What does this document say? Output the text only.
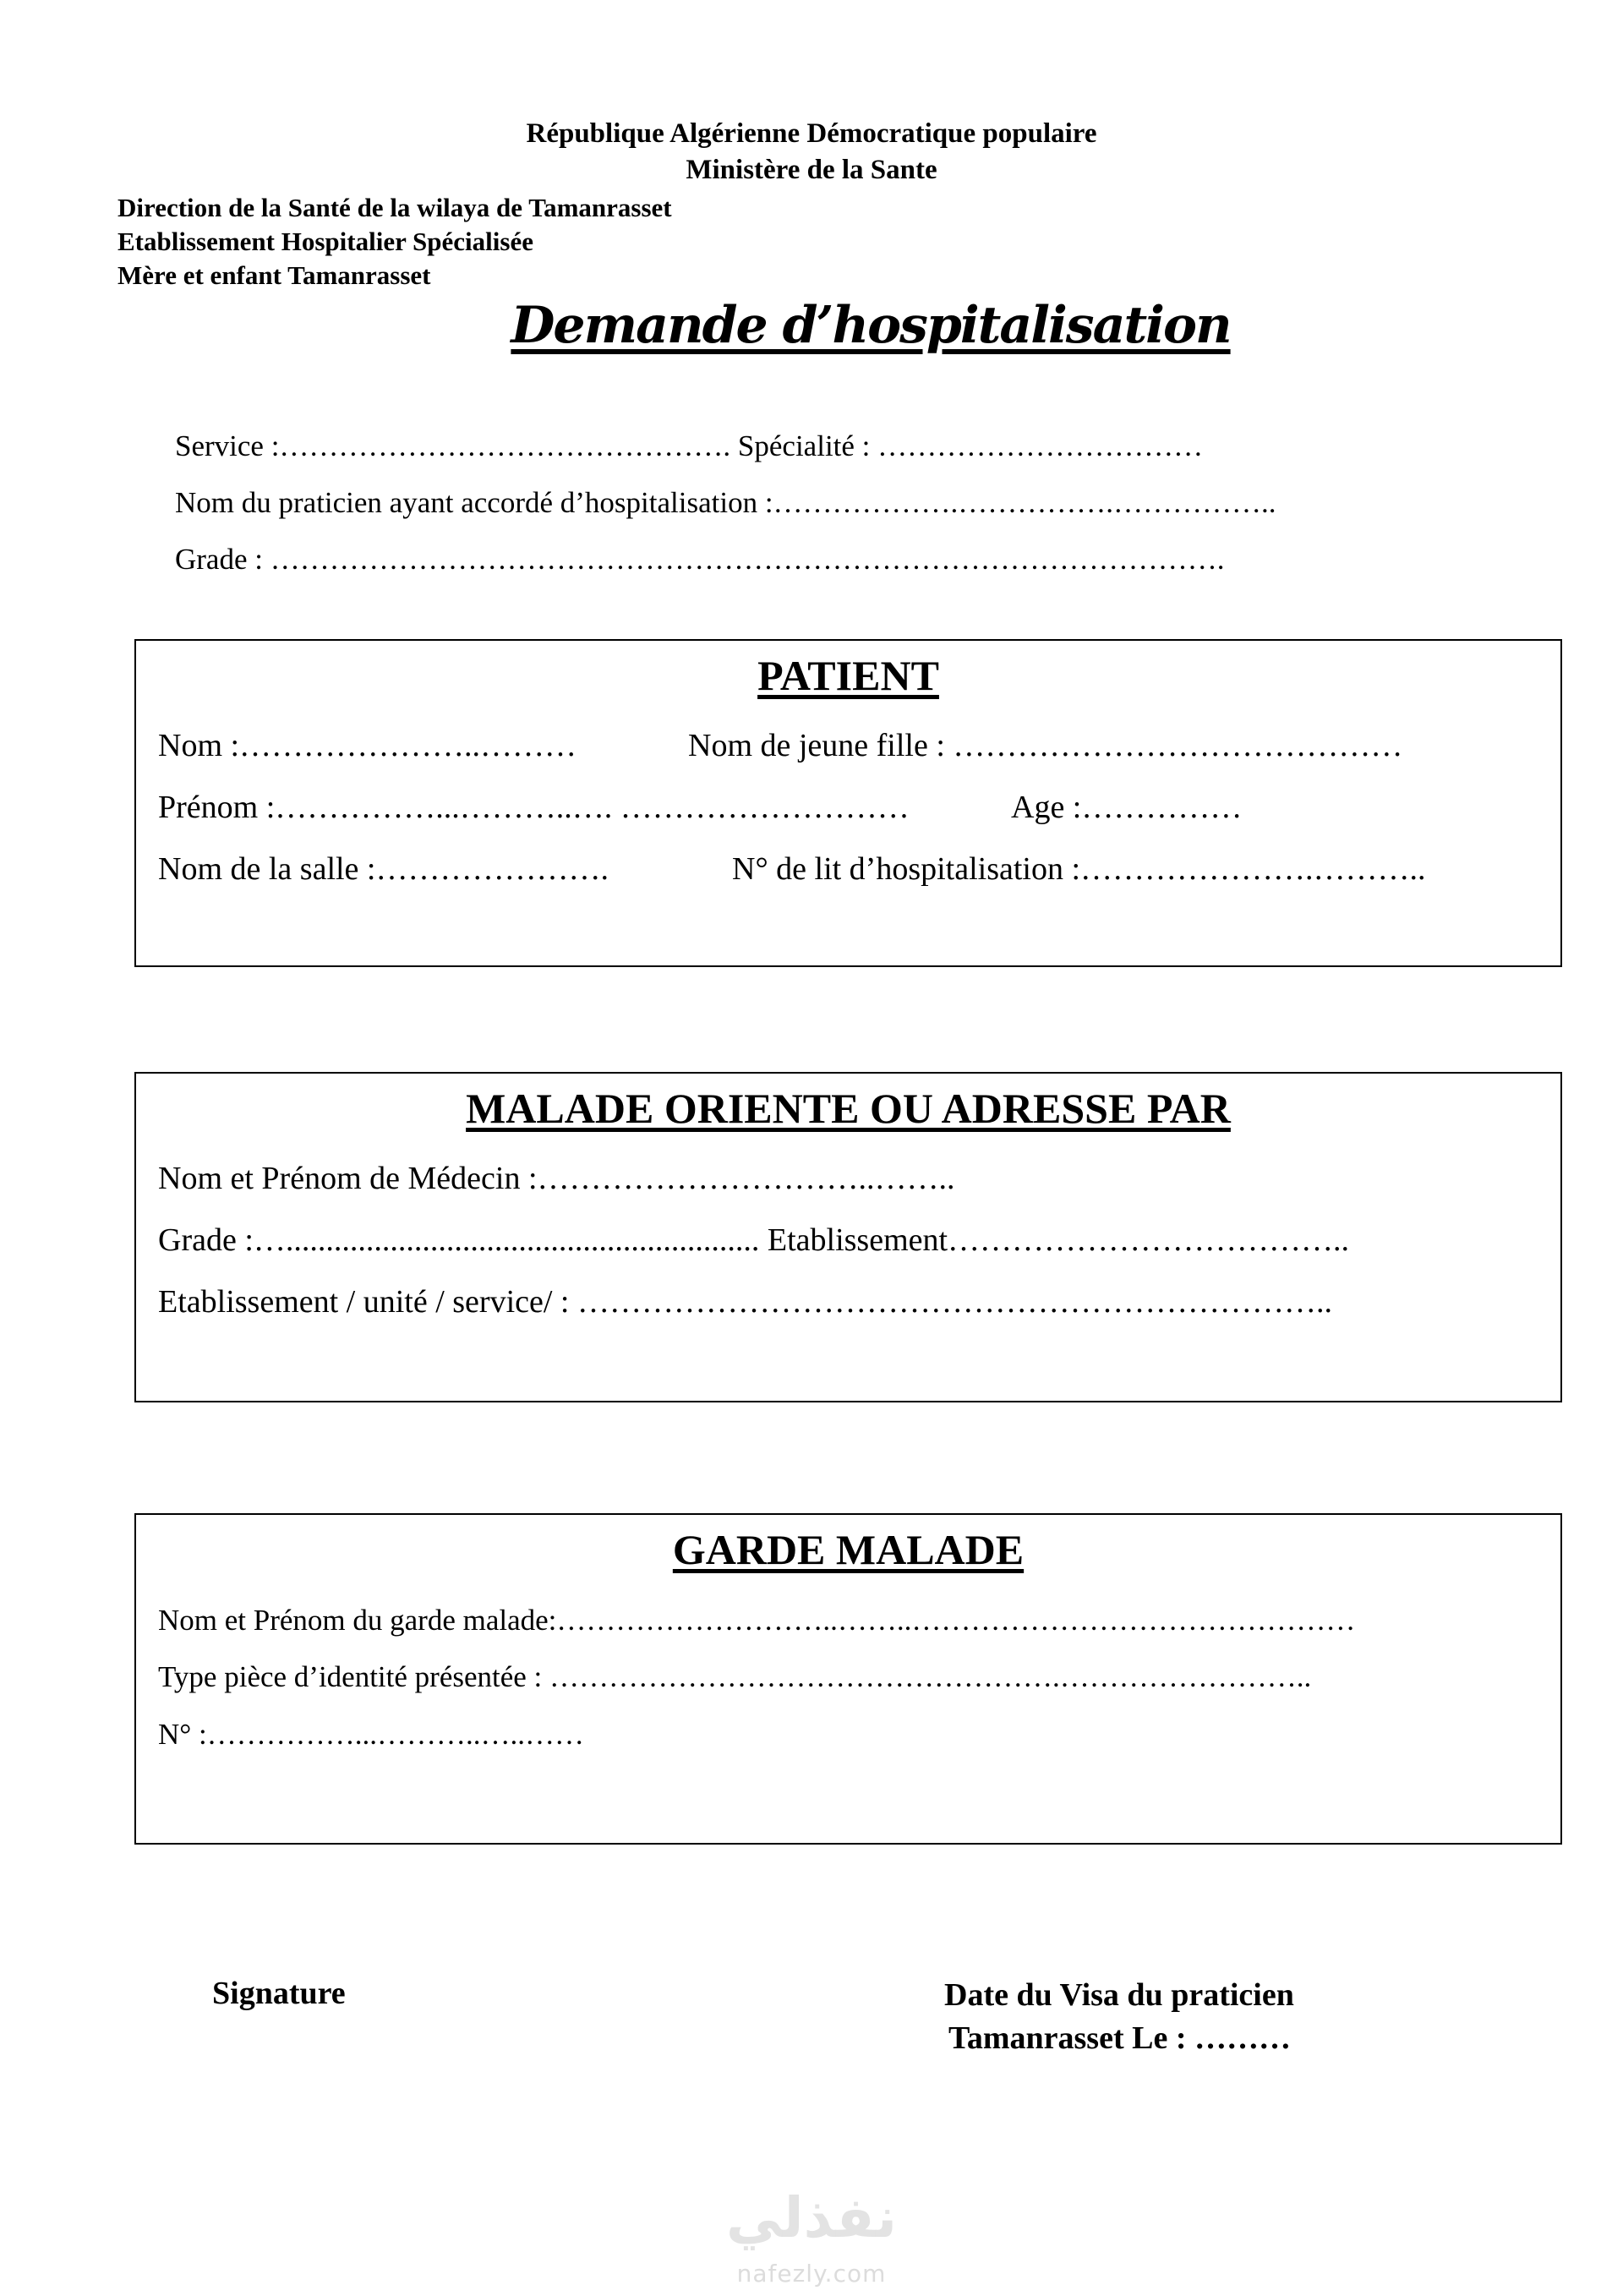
République Algérienne Démocratique populaire
Ministère de la Sante
Direction de la Santé de la wilaya de Tamanrasset
Etablissement Hospitalier Spécialisée
Mère et enfant Tamanrasset
Demande d’hospitalisation
Service :………………………………………. Spécialité : ……………………………
Nom du praticien ayant accordé d’hospitalisation :……………….…………….……………..
Grade : …………………………………………………………………………………….
PATIENT
Nom :…………………..………	Nom de jeune fille : ……………………………………
Prénom :……………...………..…. ………………………	Age :……………
Nom de la salle :………………….	N° de lit d’hospitalisation :………………….………..
MALADE ORIENTE OU ADRESSE PAR
Nom et Prénom de Médecin :…………………………..……..
Grade :…........................................................... Etablissement………………………………..
Etablissement / unité / service/ : ……………………………………………………………..
GARDE MALADE
Nom et Prénom du garde malade:………………………..……..………………………………………
Type pièce d’identité présentée : …………………………………………….……………………..
N° :……………...………..…..……
Signature	Date du Visa du praticien
Tamanrasset Le : ………
نفذلي
nafezly.com
